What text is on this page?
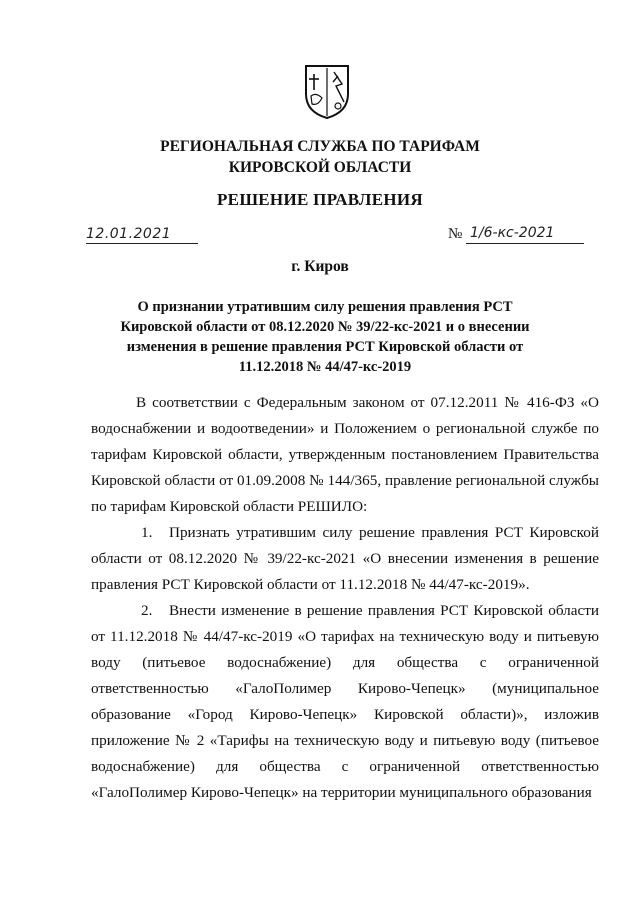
РЕГИОНАЛЬНАЯ СЛУЖБА ПО ТАРИФАМ
КИРОВСКОЙ ОБЛАСТИ
РЕШЕНИЕ ПРАВЛЕНИЯ
12.01.2021	№ 1/6-кс-2021
г. Киров
О признании утратившим силу решения правления РСТ
Кировской области от 08.12.2020 № 39/22-кс-2021 и о внесении
изменения в решение правления РСТ Кировской области от
11.12.2018 № 44/47-кс-2019

В соответствии с Федеральным законом от 07.12.2011 № 416-ФЗ «О водоснабжении и водоотведении» и Положением о региональной службе по тарифам Кировской области, утвержденным постановлением Правительства Кировской области от 01.09.2008 № 144/365, правление региональной службы по тарифам Кировской области РЕШИЛО:

1. Признать утратившим силу решение правления РСТ Кировской области от 08.12.2020 № 39/22-кс-2021 «О внесении изменения в решение правления РСТ Кировской области от 11.12.2018 № 44/47-кс-2019».

2. Внести изменение в решение правления РСТ Кировской области от 11.12.2018 № 44/47-кс-2019 «О тарифах на техническую воду и питьевую воду (питьевое водоснабжение) для общества с ограниченной ответственностью «ГалоПолимер Кирово-Чепецк» (муниципальное образование «Город Кирово-Чепецк» Кировской области)», изложив приложение № 2 «Тарифы на техническую воду и питьевую воду (питьевое водоснабжение) для общества с ограниченной ответственностью «ГалоПолимер Кирово-Чепецк» на территории муниципального образования
